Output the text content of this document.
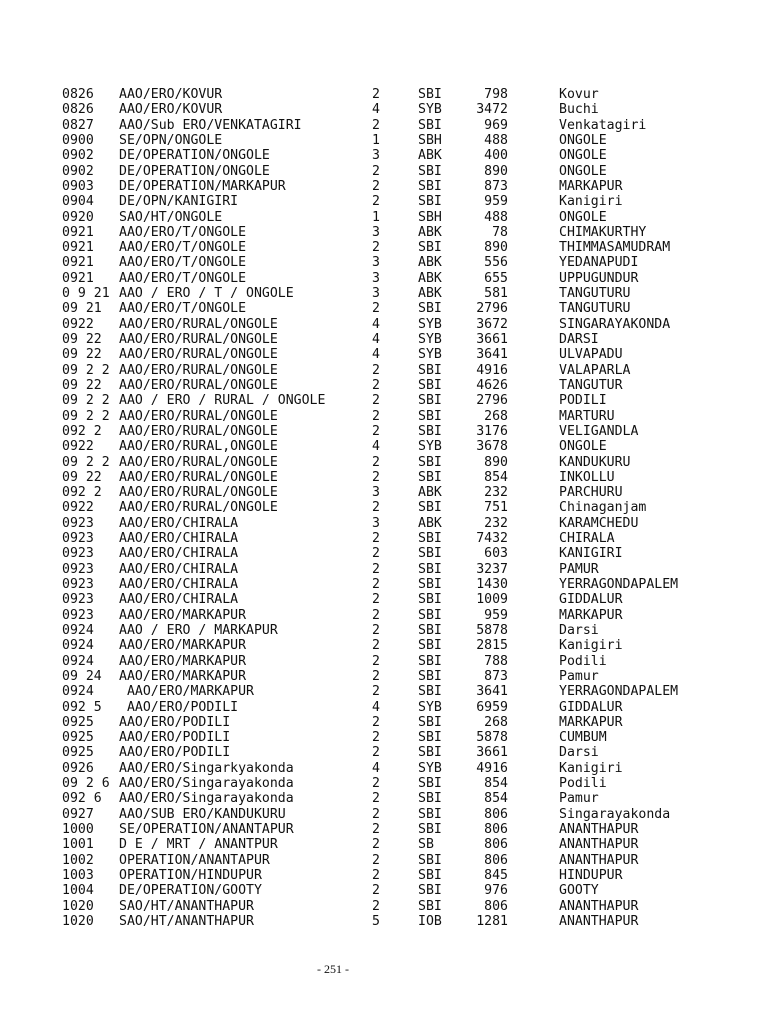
0826 AAO/ERO/KOVUR	2	SBI	798	Kovur
0826 AAO/ERO/KOVUR	4	SYB	3472	Buchi
0827 AAO/Sub ERO/VENKATAGIRI	2	SBI	969	Venkatagiri
0900 SE/OPN/ONGOLE	1	SBH	488	ONGOLE
0902 DE/OPERATION/ONGOLE	3	ABK	400	ONGOLE
0902 DE/OPERATION/ONGOLE	2	SBI	890	ONGOLE
0903 DE/OPERATION/MARKAPUR	2	SBI	873	MARKAPUR
0904 DE/OPN/KANIGIRI	2	SBI	959	Kanigiri
0920 SAO/HT/ONGOLE	1	SBH	488	ONGOLE
0921 AAO/ERO/T/ONGOLE	3	ABK	78	CHIMAKURTHY
0921 AAO/ERO/T/ONGOLE	2	SBI	890	THIMMASAMUDRAM
0921 AAO/ERO/T/ONGOLE	3	ABK	556	YEDANAPUDI
0921 AAO/ERO/T/ONGOLE	3	ABK	655	UPPUGUNDUR
0 9 21 AAO / ERO / T / ONGOLE	3	ABK	581	TANGUTURU
09 21 AAO/ERO/T/ONGOLE	2	SBI	2796	TANGUTURU
0922 AAO/ERO/RURAL/ONGOLE	4	SYB	3672	SINGARAYAKONDA
09 22 AAO/ERO/RURAL/ONGOLE	4	SYB	3661	DARSI
09 22 AAO/ERO/RURAL/ONGOLE	4	SYB	3641	ULVAPADU
09 2 2 AAO/ERO/RURAL/ONGOLE	2	SBI	4916	VALAPARLA
09 22 AAO/ERO/RURAL/ONGOLE	2	SBI	4626	TANGUTUR
09 2 2 AAO / ERO / RURAL / ONGOLE	2	SBI	2796	PODILI
09 2 2 AAO/ERO/RURAL/ONGOLE	2	SBI	268	MARTURU
092 2 AAO/ERO/RURAL/ONGOLE	2	SBI	3176	VELIGANDLA
0922 AAO/ERO/RURAL,ONGOLE	4	SYB	3678	ONGOLE
09 2 2 AAO/ERO/RURAL/ONGOLE	2	SBI	890	KANDUKURU
09 22 AAO/ERO/RURAL/ONGOLE	2	SBI	854	INKOLLU
092 2 AAO/ERO/RURAL/ONGOLE	3	ABK	232	PARCHURU
0922 AAO/ERO/RURAL/ONGOLE	2	SBI	751	Chinaganjam
0923 AAO/ERO/CHIRALA	3	ABK	232	KARAMCHEDU
0923 AAO/ERO/CHIRALA	2	SBI	7432	CHIRALA
0923 AAO/ERO/CHIRALA	2	SBI	603	KANIGIRI
0923 AAO/ERO/CHIRALA	2	SBI	3237	PAMUR
0923 AAO/ERO/CHIRALA	2	SBI	1430	YERRAGONDAPALEM
0923 AAO/ERO/CHIRALA	2	SBI	1009	GIDDALUR
0923 AAO/ERO/MARKAPUR	2	SBI	959	MARKAPUR
0924 AAO / ERO / MARKAPUR	2	SBI	5878	Darsi
0924 AAO/ERO/MARKAPUR	2	SBI	2815	Kanigiri
0924 AAO/ERO/MARKAPUR	2	SBI	788	Podili
09 24 AAO/ERO/MARKAPUR	2	SBI	873	Pamur
0924 AAO/ERO/MARKAPUR	2	SBI	3641	YERRAGONDAPALEM
092 5 AAO/ERO/PODILI	4	SYB	6959	GIDDALUR
0925 AAO/ERO/PODILI	2	SBI	268	MARKAPUR
0925 AAO/ERO/PODILI	2	SBI	5878	CUMBUM
0925 AAO/ERO/PODILI	2	SBI	3661	Darsi
0926 AAO/ERO/Singarkyakonda	4	SYB	4916	Kanigiri
09 2 6 AAO/ERO/Singarayakonda	2	SBI	854	Podili
092 6 AAO/ERO/Singarayakonda	2	SBI	854	Pamur
0927 AAO/SUB ERO/KANDUKURU	2	SBI	806	Singarayakonda
1000 SE/OPERATION/ANANTAPUR	2	SBI	806	ANANTHAPUR
1001 D E / MRT / ANANTPUR	2	SB	806	ANANTHAPUR
1002 OPERATION/ANANTAPUR	2	SBI	806	ANANTHAPUR
1003 OPERATION/HINDUPUR	2	SBI	845	HINDUPUR
1004 DE/OPERATION/GOOTY	2	SBI	976	GOOTY
1020 SAO/HT/ANANTHAPUR	2	SBI	806	ANANTHAPUR
1020 SAO/HT/ANANTHAPUR	5	IOB	1281	ANANTHAPUR
- 251 -
